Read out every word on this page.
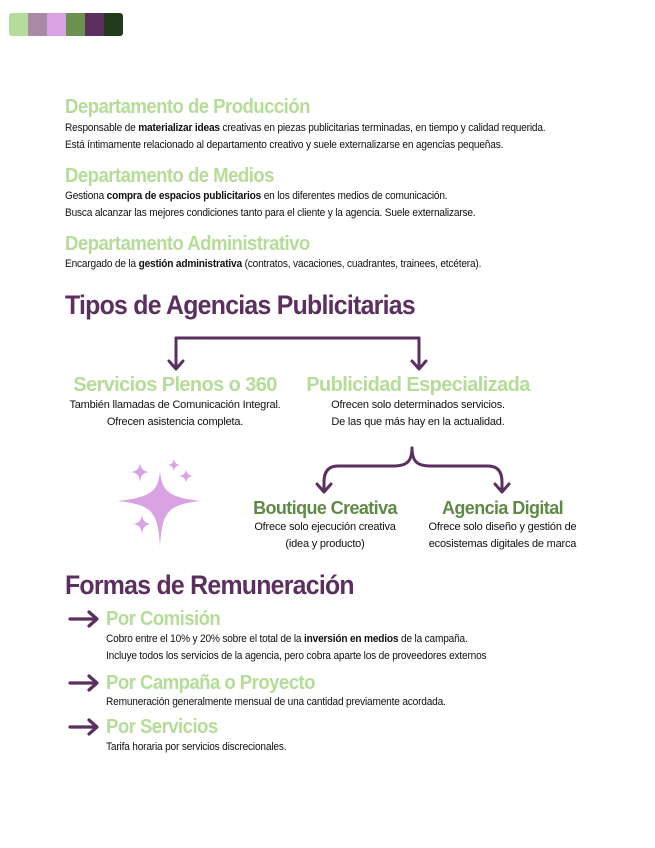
Departamento de Producción
Responsable de materializar ideas creativas en piezas publicitarias terminadas, en tiempo y calidad requerida.
Está íntimamente relacionado al departamento creativo y suele externalizarse en agencias pequeñas.
Departamento de Medios
Gestiona compra de espacios publicitarios en los diferentes medios de comunicación.
Busca alcanzar las mejores condiciones tanto para el cliente y la agencia. Suele externalizarse.
Departamento Administrativo
Encargado de la gestión administrativa (contratos, vacaciones, cuadrantes, trainees, etcétera).
Tipos de Agencias Publicitarias
Servicios Plenos o 360
También llamadas de Comunicación Integral.
Ofrecen asistencia completa.
Publicidad Especializada
Ofrecen solo determinados servicios.
De las que más hay en la actualidad.
Boutique Creativa
Ofrece solo ejecución creativa
(idea y producto)
Agencia Digital
Ofrece solo diseño y gestión de
ecosistemas digitales de marca
Formas de Remuneración
Por Comisión
Cobro entre el 10% y 20% sobre el total de la inversión en medios de la campaña.
Incluye todos los servicios de la agencia, pero cobra aparte los de proveedores externos
Por Campaña o Proyecto
Remuneración generalmente mensual de una cantidad previamente acordada.
Por Servicios
Tarifa horaria por servicios discrecionales.
